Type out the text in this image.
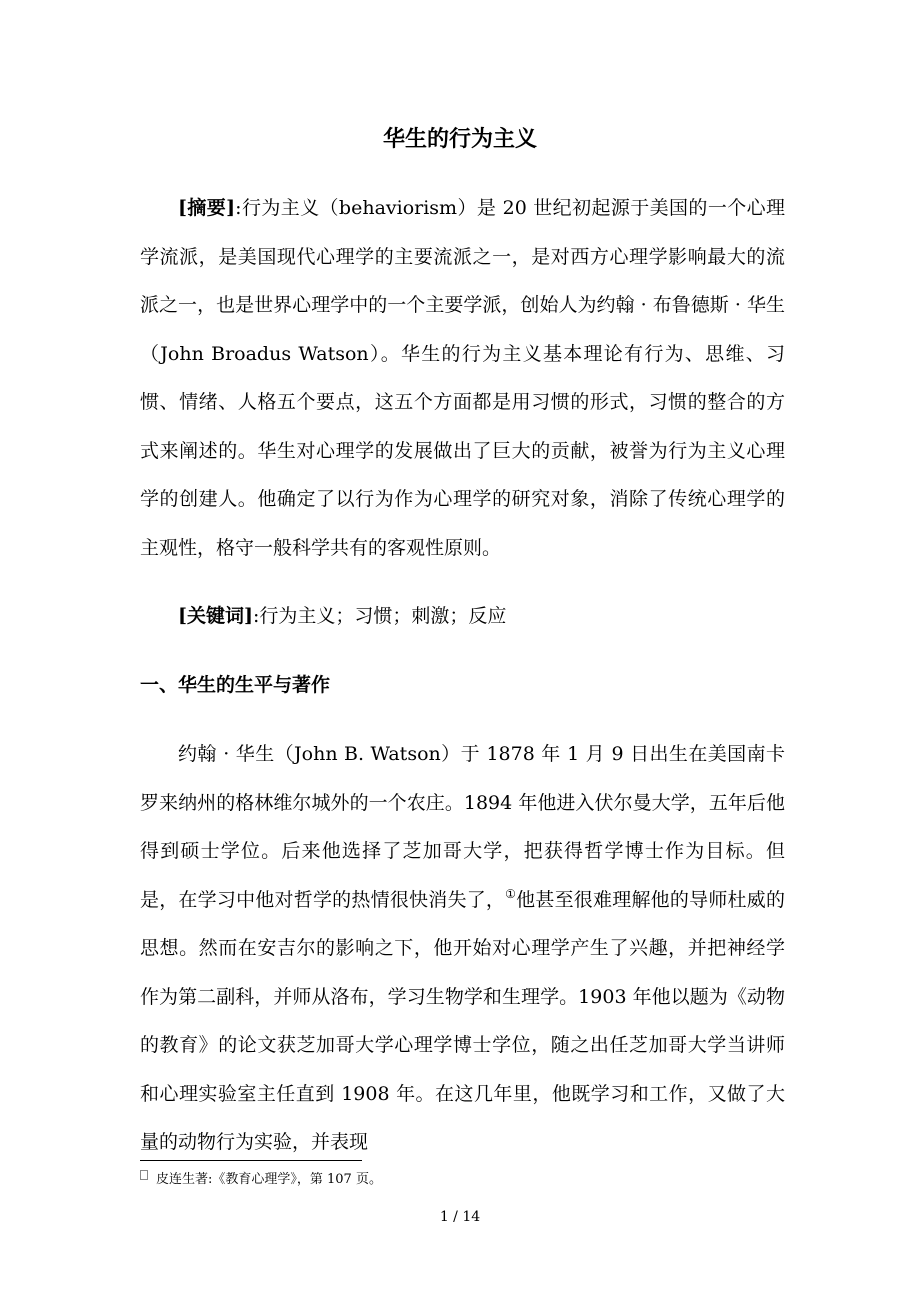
华生的行为主义

[摘要]:行为主义（behaviorism）是 20 世纪初起源于美国的一个心理学流派，是美国现代心理学的主要流派之一，是对西方心理学影响最大的流派之一，也是世界心理学中的一个主要学派，创始人为约翰 · 布鲁德斯 · 华生（John Broadus Watson）。华生的行为主义基本理论有行为、思维、习惯、情绪、人格五个要点，这五个方面都是用习惯的形式，习惯的整合的方式来阐述的。华生对心理学的发展做出了巨大的贡献，被誉为行为主义心理学的创建人。他确定了以行为作为心理学的研究对象，消除了传统心理学的主观性，格守一般科学共有的客观性原则。

[关键词]:行为主义；习惯；刺激；反应

一、华生的生平与著作

约翰 · 华生（John B. Watson）于 1878 年 1 月 9 日出生在美国南卡罗来纳州的格林维尔城外的一个农庄。1894 年他进入伏尔曼大学，五年后他得到硕士学位。后来他选择了芝加哥大学，把获得哲学博士作为目标。但是，在学习中他对哲学的热情很快消失了，①他甚至很难理解他的导师杜威的思想。然而在安吉尔的影响之下，他开始对心理学产生了兴趣，并把神经学作为第二副科，并师从洛布，学习生物学和生理学。1903 年他以题为《动物的教育》的论文获芝加哥大学心理学博士学位，随之出任芝加哥大学当讲师和心理实验室主任直到 1908 年。在这几年里，他既学习和工作，又做了大量的动物行为实验，并表现

皮连生著:《教育心理学》，第 107 页。
1 / 14
